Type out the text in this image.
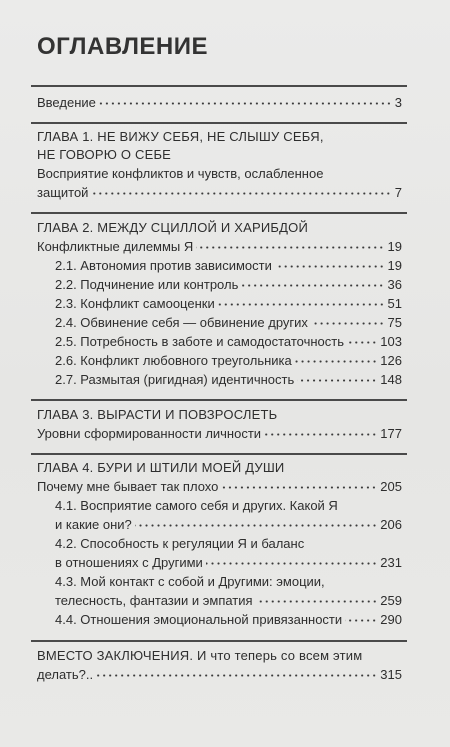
ОГЛАВЛЕНИЕ
Введение	3
ГЛАВА 1. НЕ ВИЖУ СЕБЯ, НЕ СЛЫШУ СЕБЯ,
НЕ ГОВОРЮ О СЕБЕ
Восприятие конфликтов и чувств, ослабленное
защитой	7
ГЛАВА 2. МЕЖДУ СЦИЛЛОЙ И ХАРИБДОЙ
Конфликтные дилеммы Я	19
2.1. Автономия против зависимости	19
2.2. Подчинение или контроль	36
2.3. Конфликт самооценки	51
2.4. Обвинение себя — обвинение других	75
2.5. Потребность в заботе и самодостаточность	103
2.6. Конфликт любовного треугольника	126
2.7. Размытая (ригидная) идентичность	148
ГЛАВА 3. ВЫРАСТИ И ПОВЗРОСЛЕТЬ
Уровни сформированности личности	177
ГЛАВА 4. БУРИ И ШТИЛИ МОЕЙ ДУШИ
Почему мне бывает так плохо	205
4.1. Восприятие самого себя и других. Какой Я
и какие они?	206
4.2. Способность к регуляции Я и баланс
в отношениях с Другими	231
4.3. Мой контакт с собой и Другими: эмоции,
телесность, фантазии и эмпатия	259
4.4. Отношения эмоциональной привязанности	290
ВМЕСТО ЗАКЛЮЧЕНИЯ. И что теперь со всем этим
делать?..	315
